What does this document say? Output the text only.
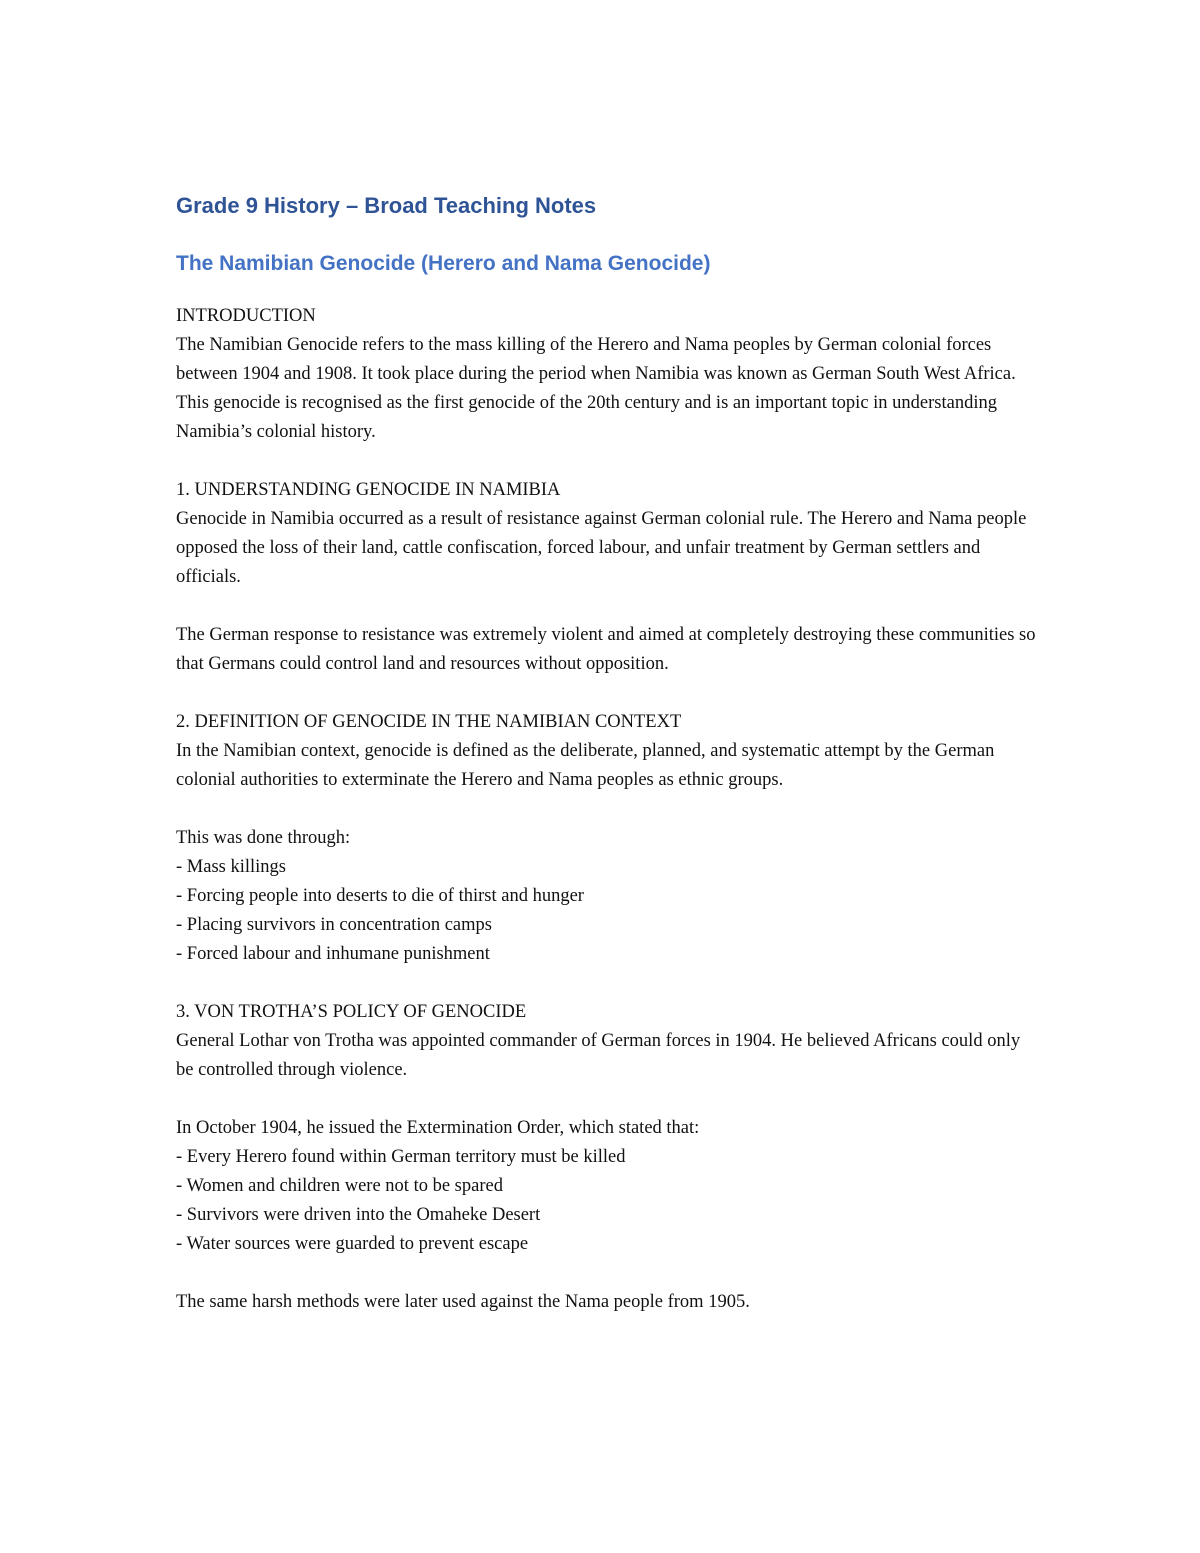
Grade 9 History – Broad Teaching Notes
The Namibian Genocide (Herero and Nama Genocide)
INTRODUCTION

The Namibian Genocide refers to the mass killing of the Herero and Nama peoples by German colonial forces between 1904 and 1908. It took place during the period when Namibia was known as German South West Africa. This genocide is recognised as the first genocide of the 20th century and is an important topic in understanding Namibia’s colonial history.

1. UNDERSTANDING GENOCIDE IN NAMIBIA

Genocide in Namibia occurred as a result of resistance against German colonial rule. The Herero and Nama people opposed the loss of their land, cattle confiscation, forced labour, and unfair treatment by German settlers and officials.

The German response to resistance was extremely violent and aimed at completely destroying these communities so that Germans could control land and resources without opposition.

2. DEFINITION OF GENOCIDE IN THE NAMIBIAN CONTEXT

In the Namibian context, genocide is defined as the deliberate, planned, and systematic attempt by the German colonial authorities to exterminate the Herero and Nama peoples as ethnic groups.

This was done through:

- Mass killings
- Forcing people into deserts to die of thirst and hunger
- Placing survivors in concentration camps
- Forced labour and inhumane punishment
3. VON TROTHA’S POLICY OF GENOCIDE

General Lothar von Trotha was appointed commander of German forces in 1904. He believed Africans could only be controlled through violence.

In October 1904, he issued the Extermination Order, which stated that:

- Every Herero found within German territory must be killed
- Women and children were not to be spared
- Survivors were driven into the Omaheke Desert
- Water sources were guarded to prevent escape

The same harsh methods were later used against the Nama people from 1905.
